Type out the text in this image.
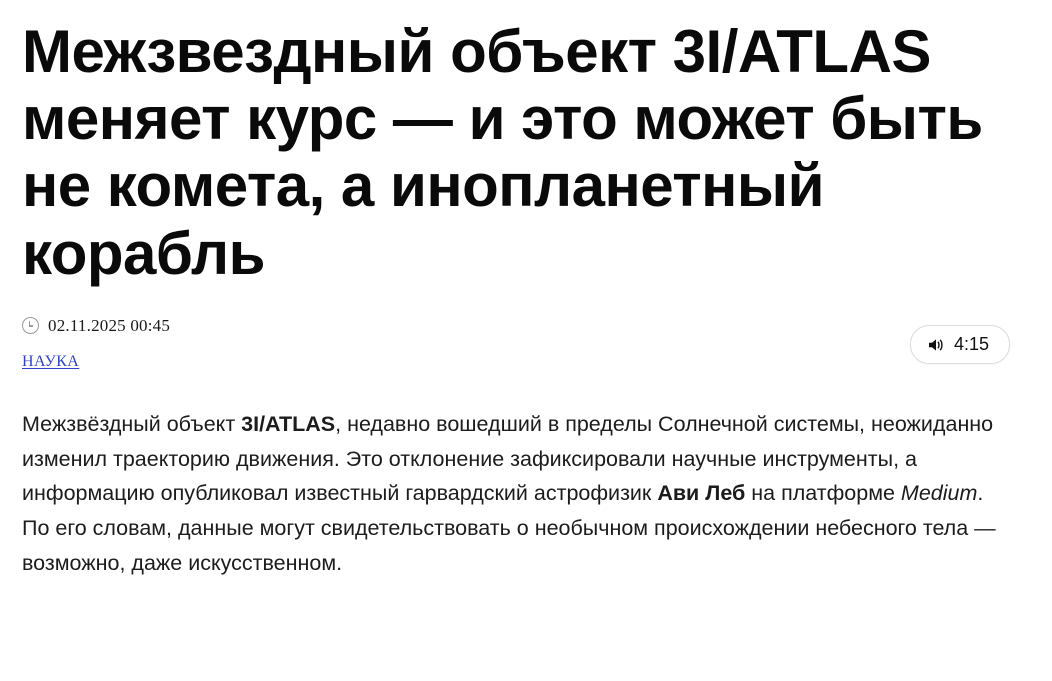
Межзвездный объект 3I/ATLAS меняет курс — и это может быть не комета, а инопланетный корабль
02.11.2025 00:45
4:15
НАУКА

Межзвёздный объект 3I/ATLAS, недавно вошедший в пределы Солнечной системы, неожиданно изменил траекторию движения. Это отклонение зафиксировали научные инструменты, а информацию опубликовал известный гарвардский астрофизик Ави Леб на платформе Medium. По его словам, данные могут свидетельствовать о необычном происхождении небесного тела — возможно, даже искусственном.
